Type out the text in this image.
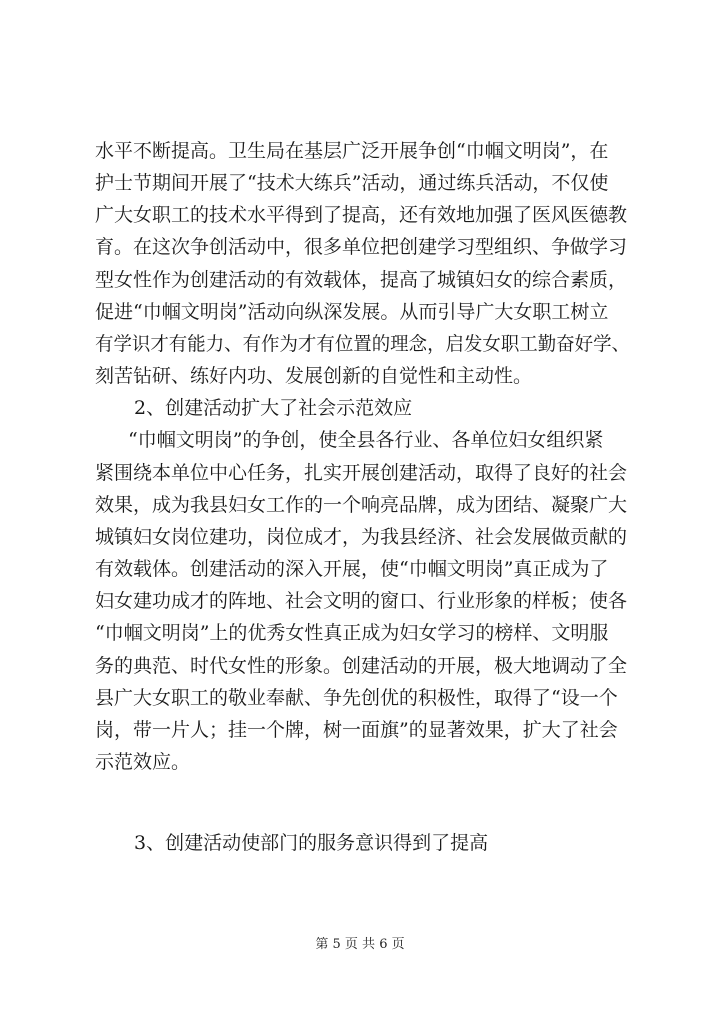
水平不断提高。卫生局在基层广泛开展争创“巾帼文明岗”，在
护士节期间开展了“技术大练兵”活动，通过练兵活动，不仅使
广大女职工的技术水平得到了提高，还有效地加强了医风医德教
育。在这次争创活动中，很多单位把创建学习型组织、争做学习
型女性作为创建活动的有效载体，提高了城镇妇女的综合素质，
促进“巾帼文明岗”活动向纵深发展。从而引导广大女职工树立
有学识才有能力、有作为才有位置的理念，启发女职工勤奋好学、
刻苦钻研、练好内功、发展创新的自觉性和主动性。
2、创建活动扩大了社会示范效应
“巾帼文明岗”的争创，使全县各行业、各单位妇女组织紧
紧围绕本单位中心任务，扎实开展创建活动，取得了良好的社会
效果，成为我县妇女工作的一个响亮品牌，成为团结、凝聚广大
城镇妇女岗位建功，岗位成才，为我县经济、社会发展做贡献的
有效载体。创建活动的深入开展，使“巾帼文明岗”真正成为了
妇女建功成才的阵地、社会文明的窗口、行业形象的样板；使各
“巾帼文明岗”上的优秀女性真正成为妇女学习的榜样、文明服
务的典范、时代女性的形象。创建活动的开展，极大地调动了全
县广大女职工的敬业奉献、争先创优的积极性，取得了“设一个
岗，带一片人；挂一个牌，树一面旗”的显著效果，扩大了社会
示范效应。
3、创建活动使部门的服务意识得到了提高
第 5 页 共 6 页
